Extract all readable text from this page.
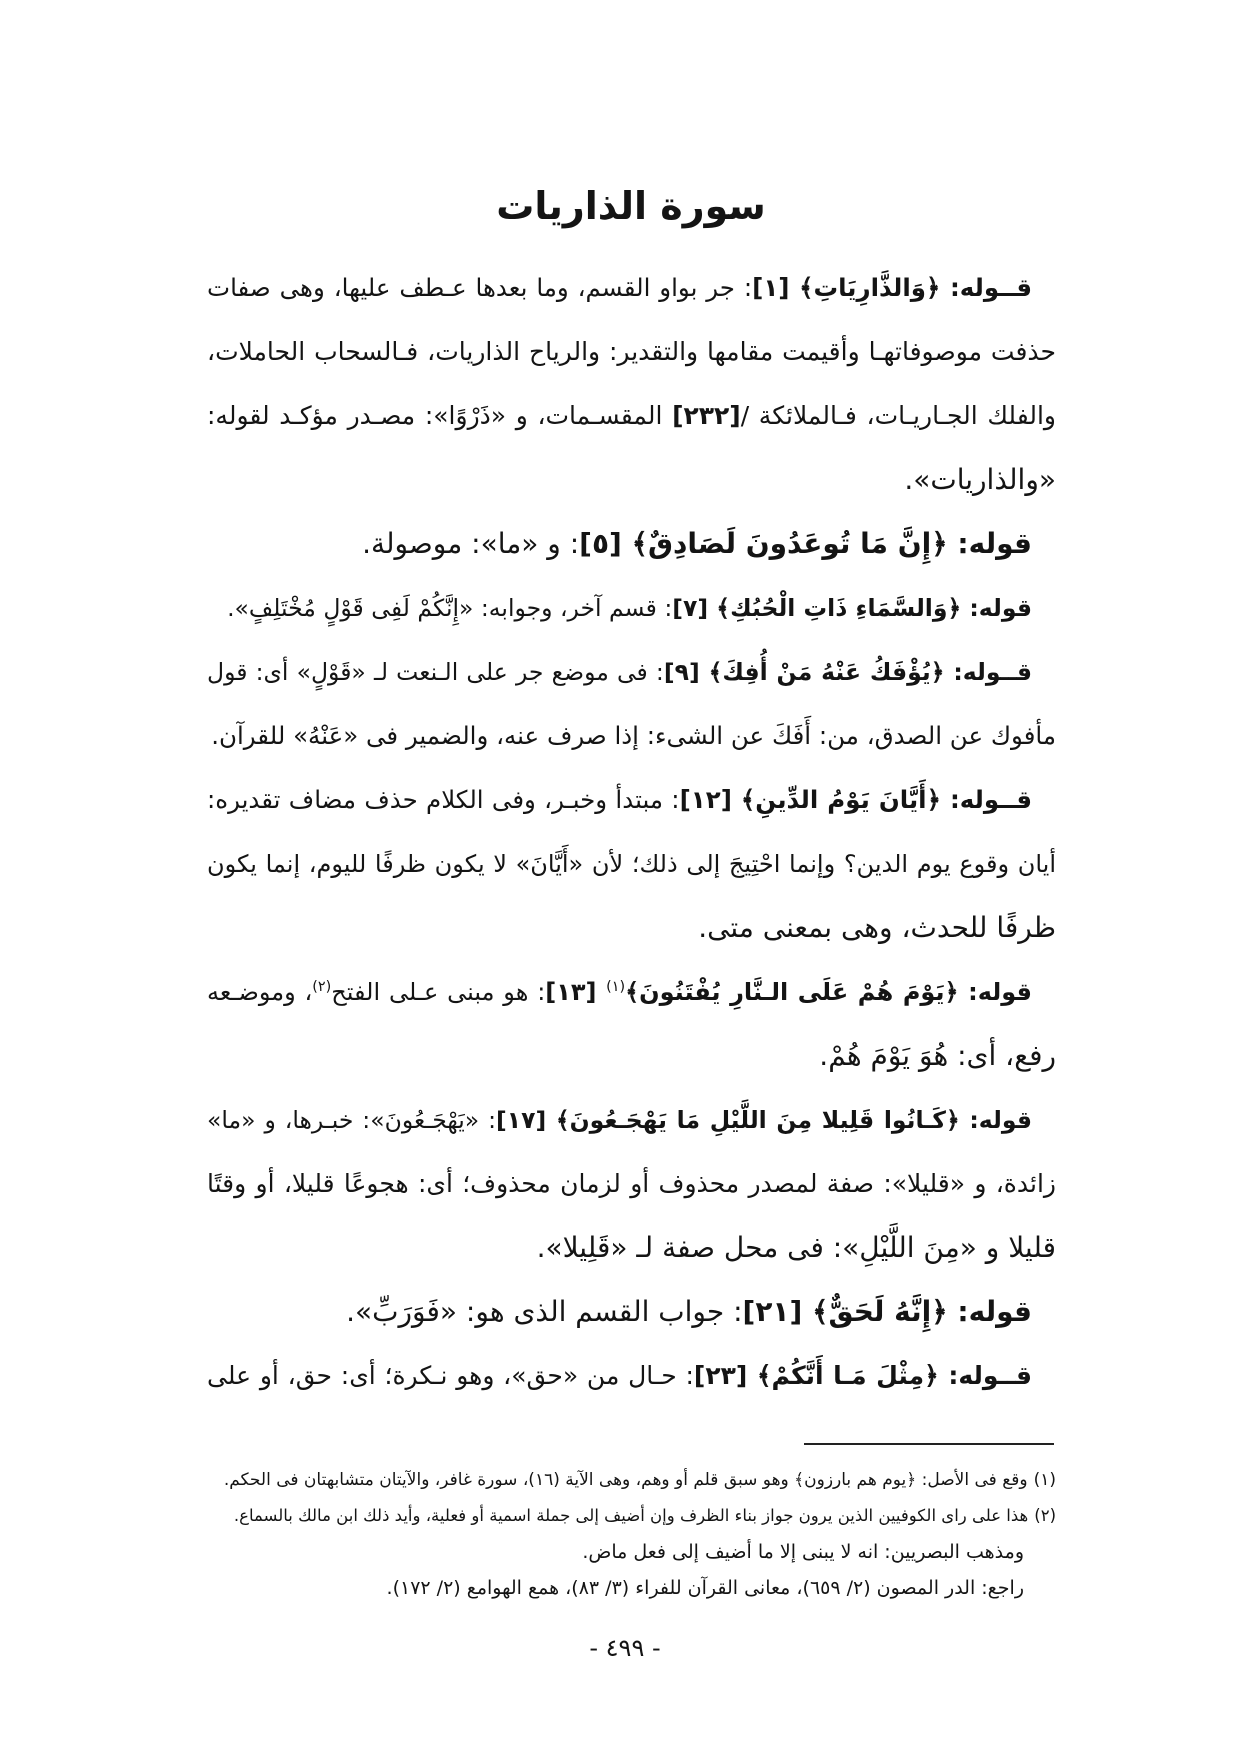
سورة الذاريات
قــوله: ﴿وَالذَّارِيَاتِ﴾ [١]: جر بواو القسم، وما بعدها عـطف عليها، وهى صفات
حذفت موصوفاتهـا وأقيمت مقامها والتقدير: والرياح الذاريات، فـالسحاب الحاملات،
والفلك الجـاريـات، فـالملائكة /[٢٣٢] المقسـمات، و «ذَرْوًا»: مصـدر مؤكـد لقوله:
«والذاريات».
قوله: ﴿إِنَّ مَا تُوعَدُونَ لَصَادِقٌ﴾ [٥]: و «ما»: موصولة.
قوله: ﴿وَالسَّمَاءِ ذَاتِ الْحُبُكِ﴾ [٧]: قسم آخر، وجوابه: «إِنَّكُمْ لَفِى قَوْلٍ مُخْتَلِفٍ».
قــوله: ﴿يُؤْفَكُ عَنْهُ مَنْ أُفِكَ﴾ [٩]: فى موضع جر على الـنعت لـ «قَوْلٍ» أى: قول
مأفوك عن الصدق، من: أَفَكَ عن الشىء: إذا صرف عنه، والضمير فى «عَنْهُ» للقرآن.
قــوله: ﴿أَيَّانَ يَوْمُ الدِّينِ﴾ [١٢]: مبتدأ وخبـر، وفى الكلام حذف مضاف تقديره:
أيان وقوع يوم الدين؟ وإنما احْتِيجَ إلى ذلك؛ لأن «أَيَّانَ» لا يكون ظرفًا لليوم، إنما يكون
ظرفًا للحدث، وهى بمعنى متى.
قوله: ﴿يَوْمَ هُمْ عَلَى الـنَّارِ يُفْتَنُونَ﴾$^{(١)}$ [١٣]: هو مبنى عـلى الفتح$^{(٢)}$، وموضـعه
رفع، أى: هُوَ يَوْمَ هُمْ.
قوله: ﴿كَـانُوا قَلِيلا مِنَ اللَّيْلِ مَا يَهْجَـعُونَ﴾ [١٧]: «يَهْجَـعُونَ»: خبـرها، و «ما»
زائدة، و «قليلا»: صفة لمصدر محذوف أو لزمان محذوف؛ أى: هجوعًا قليلا، أو وقتًا
قليلا و «مِنَ اللَّيْلِ»: فى محل صفة لـ «قَلِيلا».
قوله: ﴿إِنَّهُ لَحَقٌّ﴾ [٢١]: جواب القسم الذى هو: «فَوَرَبِّ».
قــوله: ﴿مِثْلَ مَـا أَنَّكُمْ﴾ [٢٣]: حـال من «حق»، وهو نـكرة؛ أى: حق، أو على
(١)وقع فى الأصل: ﴿يوم هم بارزون﴾ وهو سبق قلم أو وهم، وهى الآية (١٦)، سورة غافر، والآيتان متشابهتان فى الحكم.
(٢)هذا على راى الكوفيين الذين يرون جواز بناء الظرف وإن أضيف إلى جملة اسمية أو فعلية، وأيد ذلك ابن مالك بالسماع.
ومذهب البصريين: انه لا يبنى إلا ما أضيف إلى فعل ماض.
راجع: الدر المصون (٢/ ٦٥٩)، معانى القرآن للفراء (٣/ ٨٣)، همع الهوامع (٢/ ١٧٢).
- ٤٩٩ -
